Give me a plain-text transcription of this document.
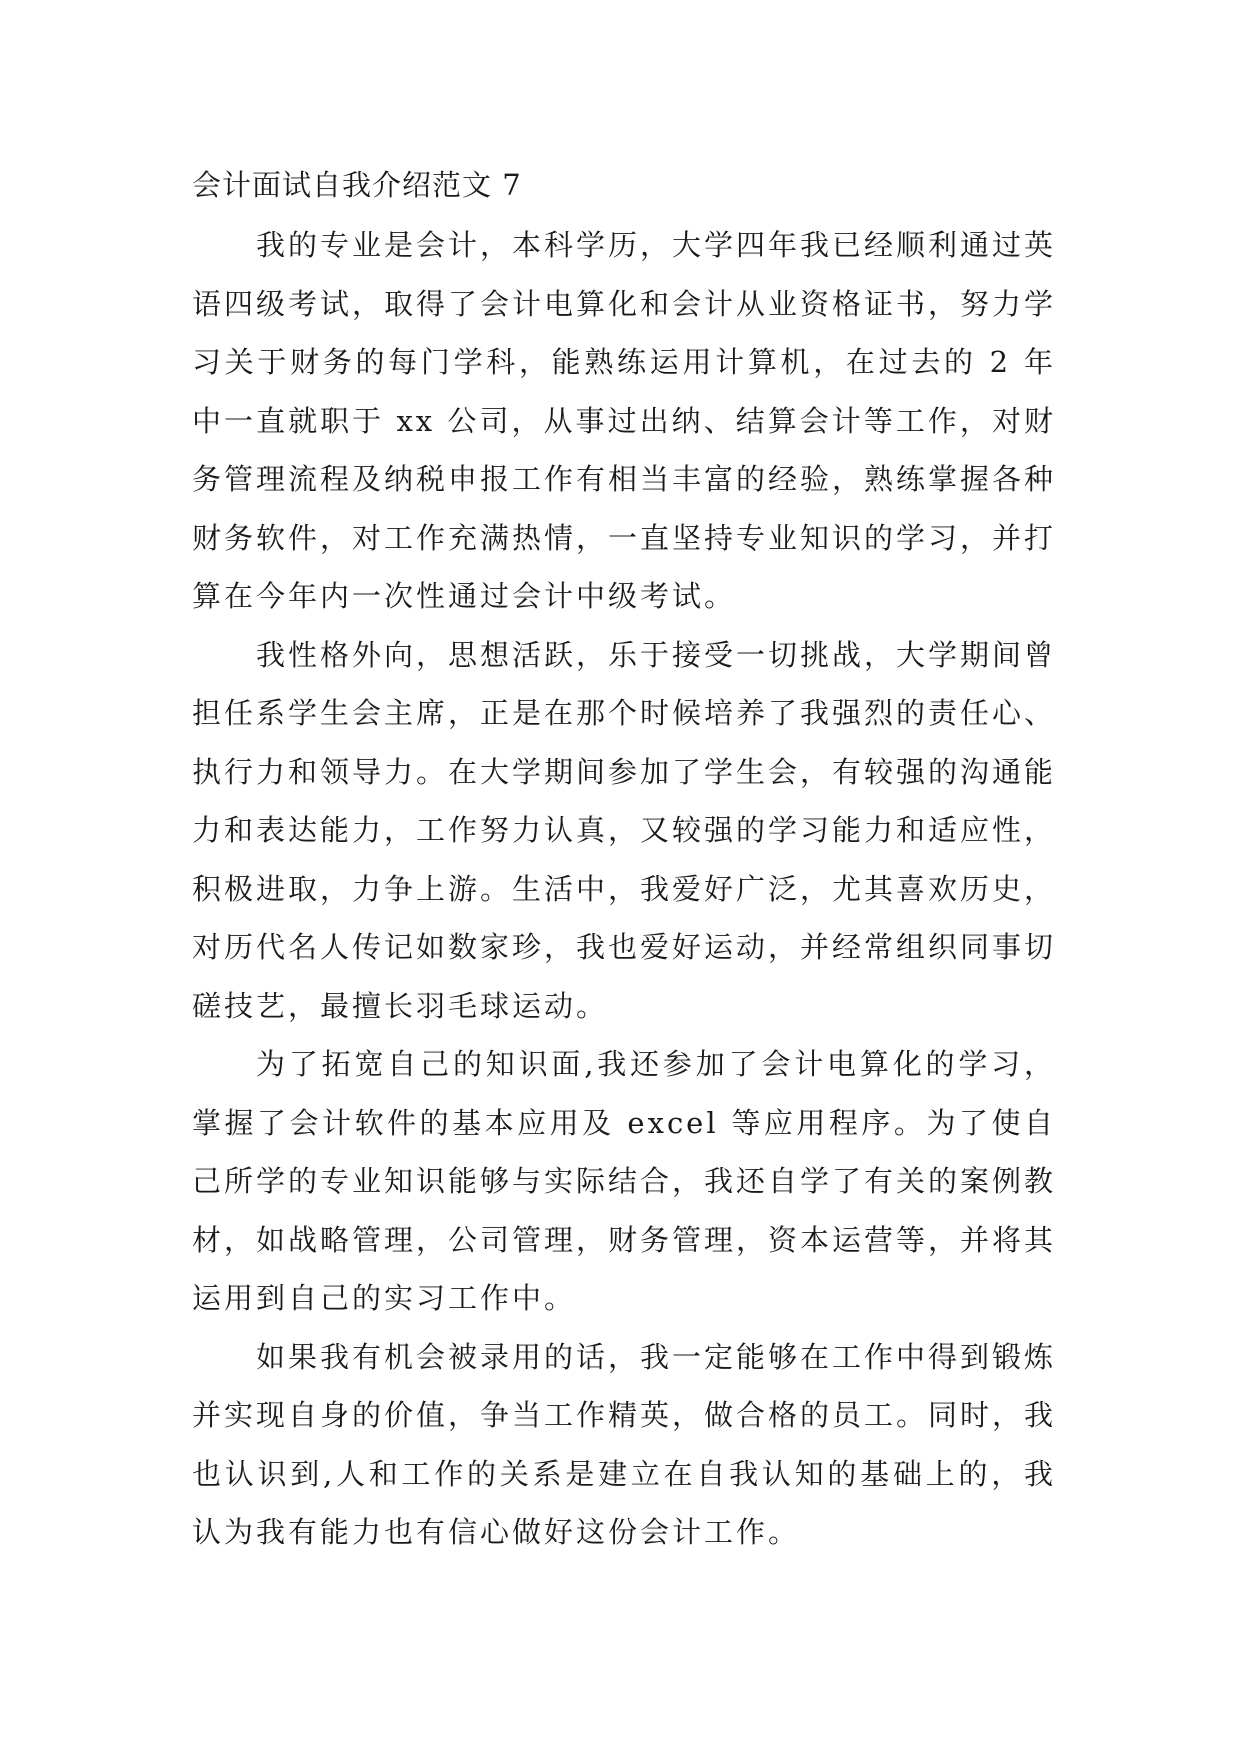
会计面试自我介绍范文 7

我的专业是会计，本科学历，大学四年我已经顺利通过英语四级考试，取得了会计电算化和会计从业资格证书，努力学习关于财务的每门学科，能熟练运用计算机，在过去的 2 年中一直就职于 xx 公司，从事过出纳、结算会计等工作，对财务管理流程及纳税申报工作有相当丰富的经验，熟练掌握各种财务软件，对工作充满热情，一直坚持专业知识的学习，并打算在今年内一次性通过会计中级考试。

我性格外向，思想活跃，乐于接受一切挑战，大学期间曾担任系学生会主席，正是在那个时候培养了我强烈的责任心、执行力和领导力。在大学期间参加了学生会，有较强的沟通能力和表达能力，工作努力认真，又较强的学习能力和适应性，积极进取，力争上游。生活中，我爱好广泛，尤其喜欢历史，对历代名人传记如数家珍，我也爱好运动，并经常组织同事切磋技艺，最擅长羽毛球运动。

为了拓宽自己的知识面,我还参加了会计电算化的学习，掌握了会计软件的基本应用及 excel 等应用程序。为了使自己所学的专业知识能够与实际结合，我还自学了有关的案例教材，如战略管理，公司管理，财务管理，资本运营等，并将其运用到自己的实习工作中。

如果我有机会被录用的话，我一定能够在工作中得到锻炼并实现自身的价值，争当工作精英，做合格的员工。同时，我也认识到,人和工作的关系是建立在自我认知的基础上的，我认为我有能力也有信心做好这份会计工作。
